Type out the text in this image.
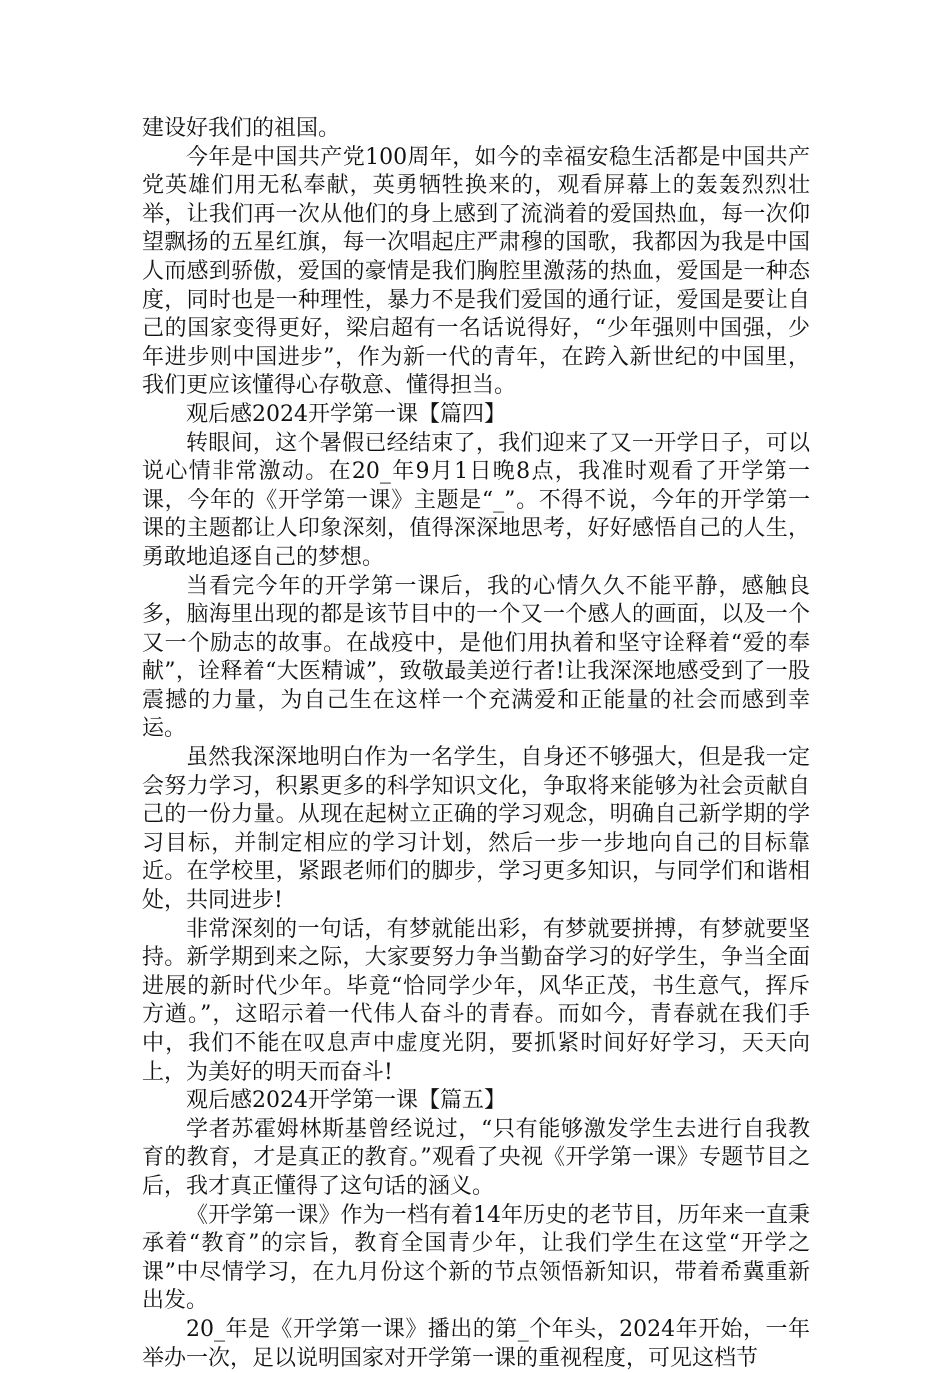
建设好我们的祖国。

今年是中国共产党100周年，如今的幸福安稳生活都是中国共产党英雄们用无私奉献，英勇牺牲换来的，观看屏幕上的轰轰烈烈壮举，让我们再一次从他们的身上感到了流淌着的爱国热血，每一次仰望飘扬的五星红旗，每一次唱起庄严肃穆的国歌，我都因为我是中国人而感到骄傲，爱国的豪情是我们胸腔里激荡的热血，爱国是一种态度，同时也是一种理性，暴力不是我们爱国的通行证，爱国是要让自己的国家变得更好，梁启超有一名话说得好，“少年强则中国强，少年进步则中国进步”，作为新一代的青年，在跨入新世纪的中国里，我们更应该懂得心存敬意、懂得担当。

观后感2024开学第一课【篇四】

转眼间，这个暑假已经结束了，我们迎来了又一开学日子，可以说心情非常激动。在20_年9月1日晚8点，我准时观看了开学第一课，今年的《开学第一课》主题是“_”。不得不说，今年的开学第一课的主题都让人印象深刻，值得深深地思考，好好感悟自己的人生，勇敢地追逐自己的梦想。

当看完今年的开学第一课后，我的心情久久不能平静，感触良多，脑海里出现的都是该节目中的一个又一个感人的画面，以及一个又一个励志的故事。在战疫中，是他们用执着和坚守诠释着“爱的奉献”，诠释着“大医精诚”，致敬最美逆行者!让我深深地感受到了一股震撼的力量，为自己生在这样一个充满爱和正能量的社会而感到幸运。

虽然我深深地明白作为一名学生，自身还不够强大，但是我一定会努力学习，积累更多的科学知识文化，争取将来能够为社会贡献自己的一份力量。从现在起树立正确的学习观念，明确自己新学期的学习目标，并制定相应的学习计划，然后一步一步地向自己的目标靠近。在学校里，紧跟老师们的脚步，学习更多知识，与同学们和谐相处，共同进步!

非常深刻的一句话，有梦就能出彩，有梦就要拼搏，有梦就要坚持。新学期到来之际，大家要努力争当勤奋学习的好学生，争当全面进展的新时代少年。毕竟“恰同学少年，风华正茂，书生意气，挥斥方遒。”，这昭示着一代伟人奋斗的青春。而如今，青春就在我们手中，我们不能在叹息声中虚度光阴，要抓紧时间好好学习，天天向上，为美好的明天而奋斗!

观后感2024开学第一课【篇五】

学者苏霍姆林斯基曾经说过，“只有能够激发学生去进行自我教育的教育，才是真正的教育。”观看了央视《开学第一课》专题节目之后，我才真正懂得了这句话的涵义。

《开学第一课》作为一档有着14年历史的老节目，历年来一直秉承着“教育”的宗旨，教育全国青少年，让我们学生在这堂“开学之课”中尽情学习，在九月份这个新的节点领悟新知识，带着希冀重新出发。

20_年是《开学第一课》播出的第_个年头，2024年开始，一年举办一次，足以说明国家对开学第一课的重视程度，可见这档节
